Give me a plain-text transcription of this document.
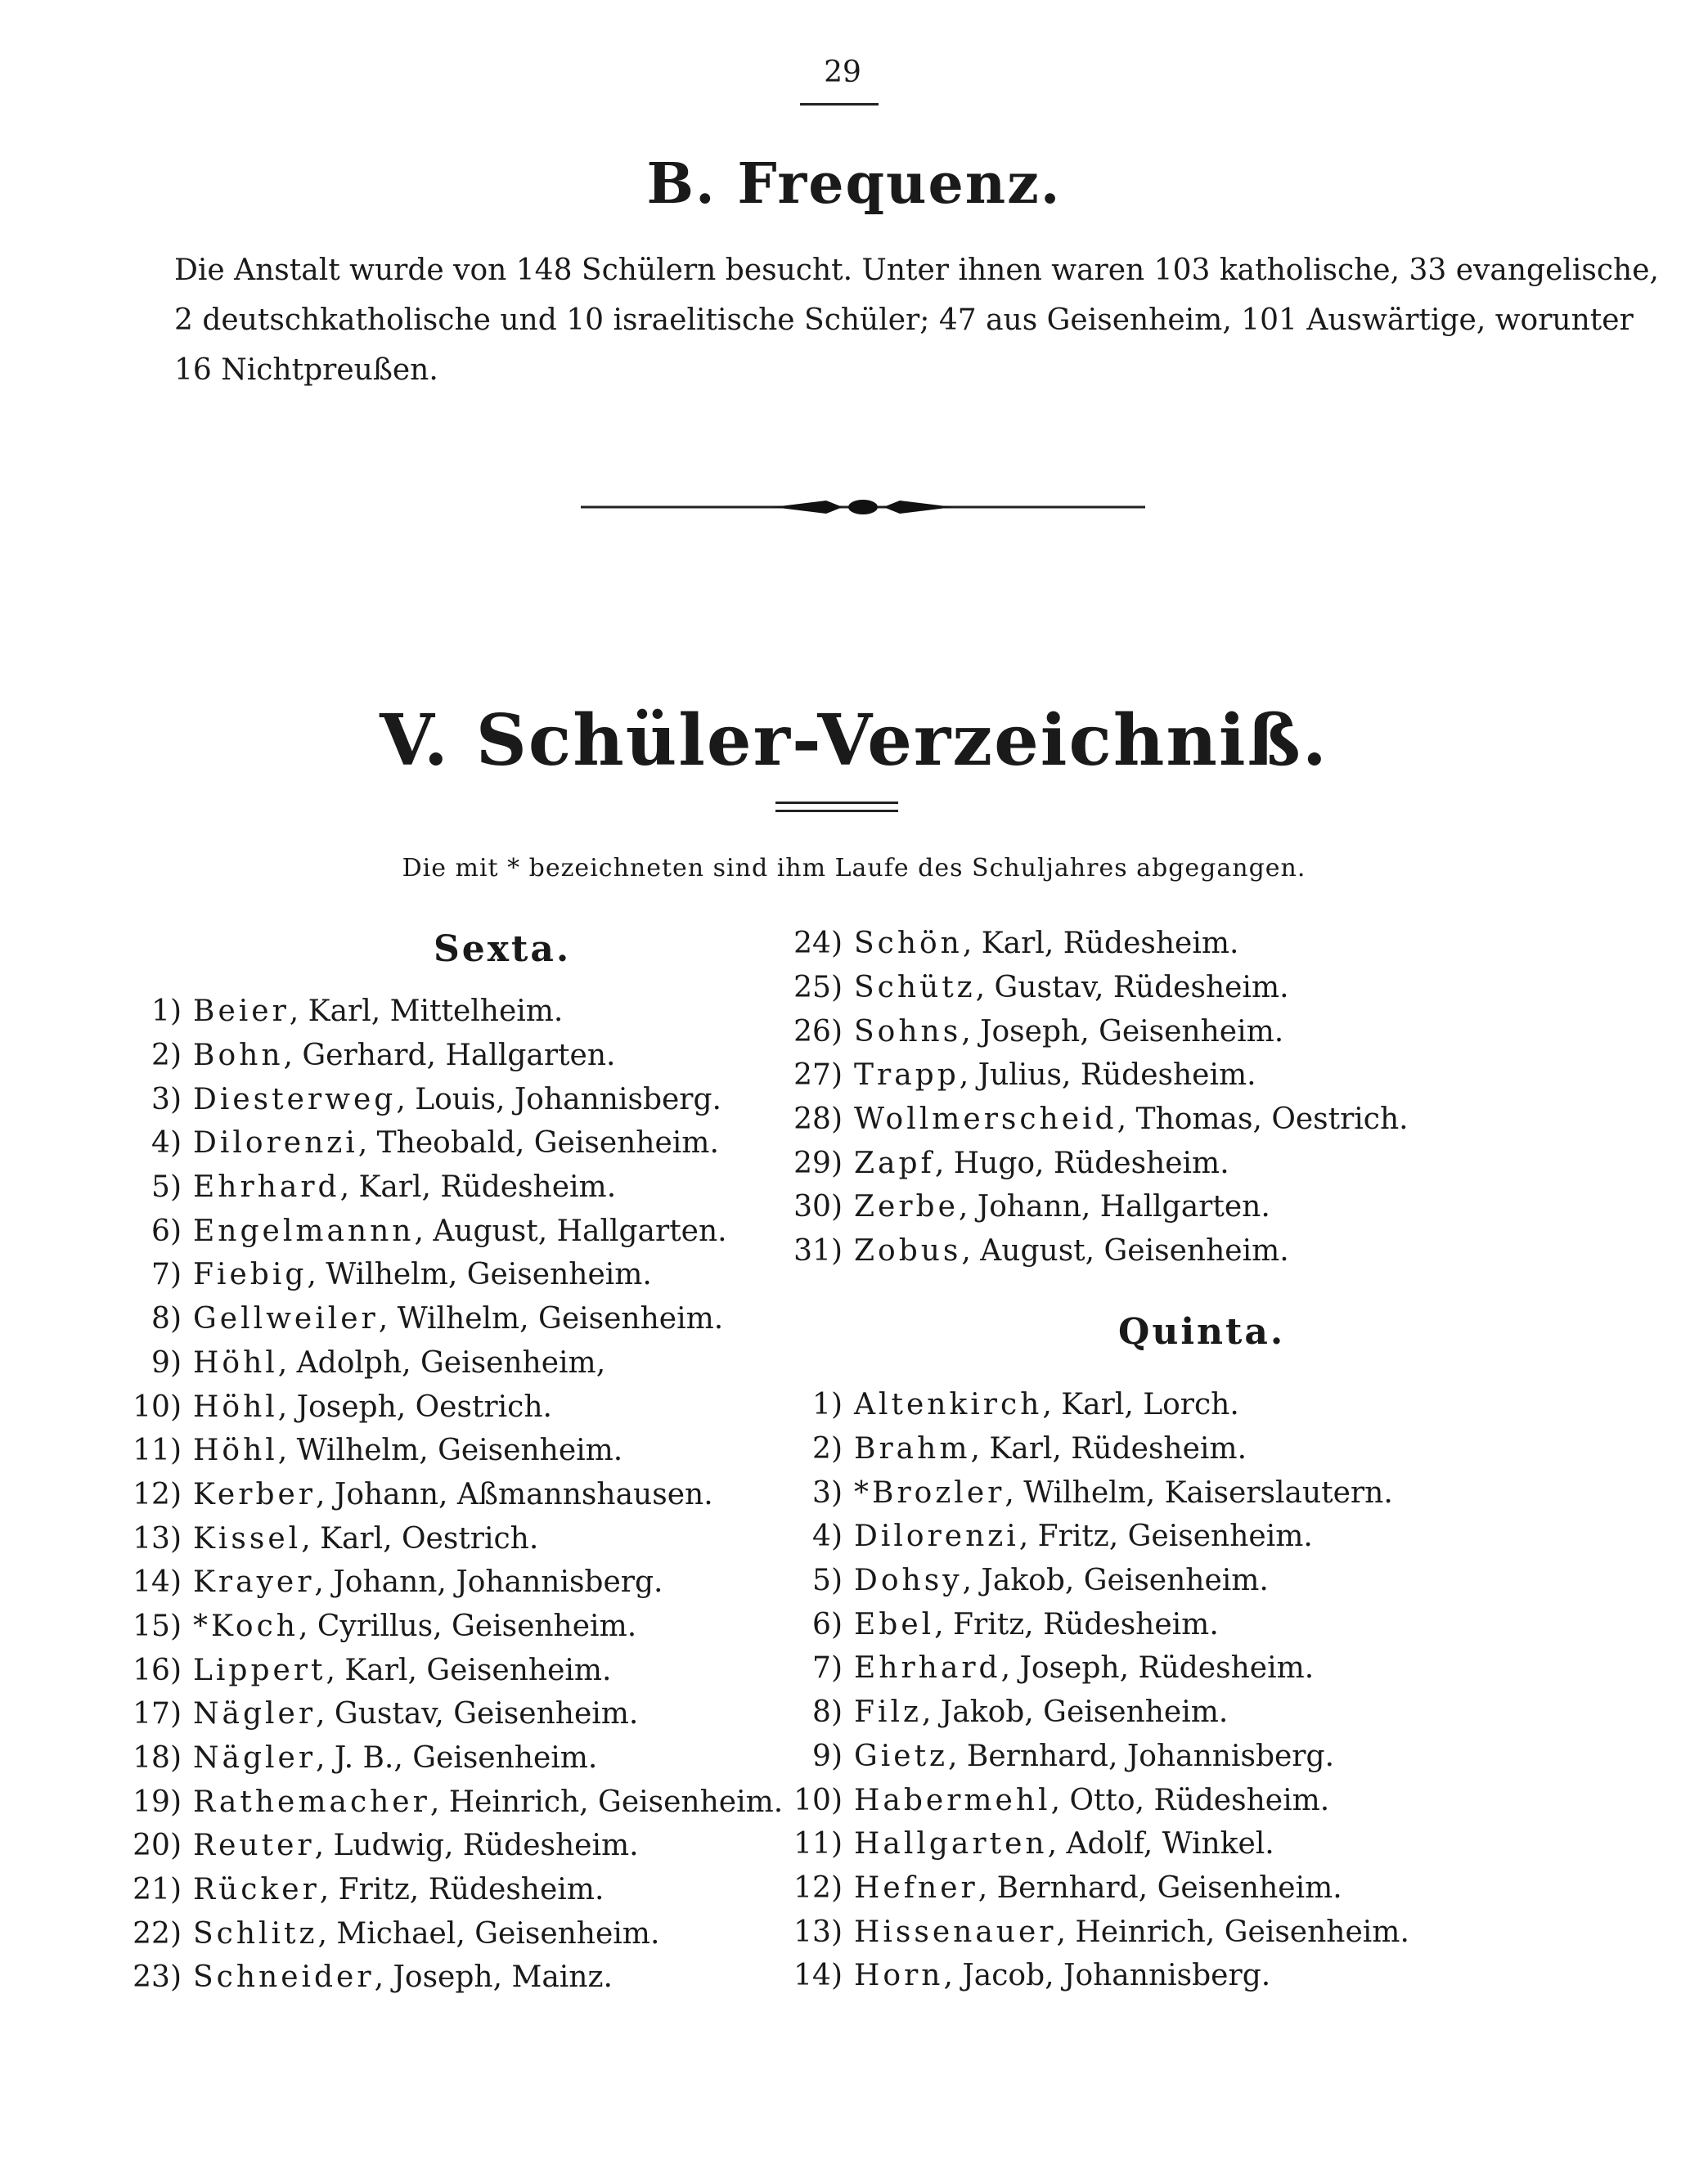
29
B. Frequenz.
Die Anstalt wurde von 148 Schülern besucht. Unter ihnen waren 103 katholische, 33 evangelische,
2 deutschkatholische und 10 israelitische Schüler; 47 aus Geisenheim, 101 Auswärtige, worunter
16 Nichtpreußen.
V. Schüler-Verzeichniß.
Die mit * bezeichneten sind ihm Laufe des Schuljahres abgegangen.
Sexta.
Quinta.
1) Beier , Karl, Mittelheim.
2) Bohn , Gerhard, Hallgarten.
3) Diesterweg , Louis, Johannisberg.
4) Dilorenzi , Theobald, Geisenheim.
5) Ehrhard , Karl, Rüdesheim.
6) Engelmannn , August, Hallgarten.
7) Fiebig , Wilhelm, Geisenheim.
8) Gellweiler , Wilhelm, Geisenheim.
9) Höhl , Adolph, Geisenheim,
10) Höhl , Joseph, Oestrich.
11) Höhl , Wilhelm, Geisenheim.
12) Kerber , Johann, Aßmannshausen.
13) Kissel , Karl, Oestrich.
14) Krayer , Johann, Johannisberg.
15) *Koch , Cyrillus, Geisenheim.
16) Lippert , Karl, Geisenheim.
17) Nägler , Gustav, Geisenheim.
18) Nägler , J. B., Geisenheim.
19) Rathemacher , Heinrich, Geisenheim.
20) Reuter , Ludwig, Rüdesheim.
21) Rücker , Fritz, Rüdesheim.
22) Schlitz , Michael, Geisenheim.
23) Schneider , Joseph, Mainz.
24) Schön , Karl, Rüdesheim.
25) Schütz , Gustav, Rüdesheim.
26) Sohns , Joseph, Geisenheim.
27) Trapp , Julius, Rüdesheim.
28) Wollmerscheid , Thomas, Oestrich.
29) Zapf , Hugo, Rüdesheim.
30) Zerbe , Johann, Hallgarten.
31) Zobus , August, Geisenheim.
1) Altenkirch , Karl, Lorch.
2) Brahm , Karl, Rüdesheim.
3) *Brozler , Wilhelm, Kaiserslautern.
4) Dilorenzi , Fritz, Geisenheim.
5) Dohsy , Jakob, Geisenheim.
6) Ebel , Fritz, Rüdesheim.
7) Ehrhard , Joseph, Rüdesheim.
8) Filz , Jakob, Geisenheim.
9) Gietz , Bernhard, Johannisberg.
10) Habermehl , Otto, Rüdesheim.
11) Hallgarten , Adolf, Winkel.
12) Hefner , Bernhard, Geisenheim.
13) Hissenauer , Heinrich, Geisenheim.
14) Horn , Jacob, Johannisberg.
